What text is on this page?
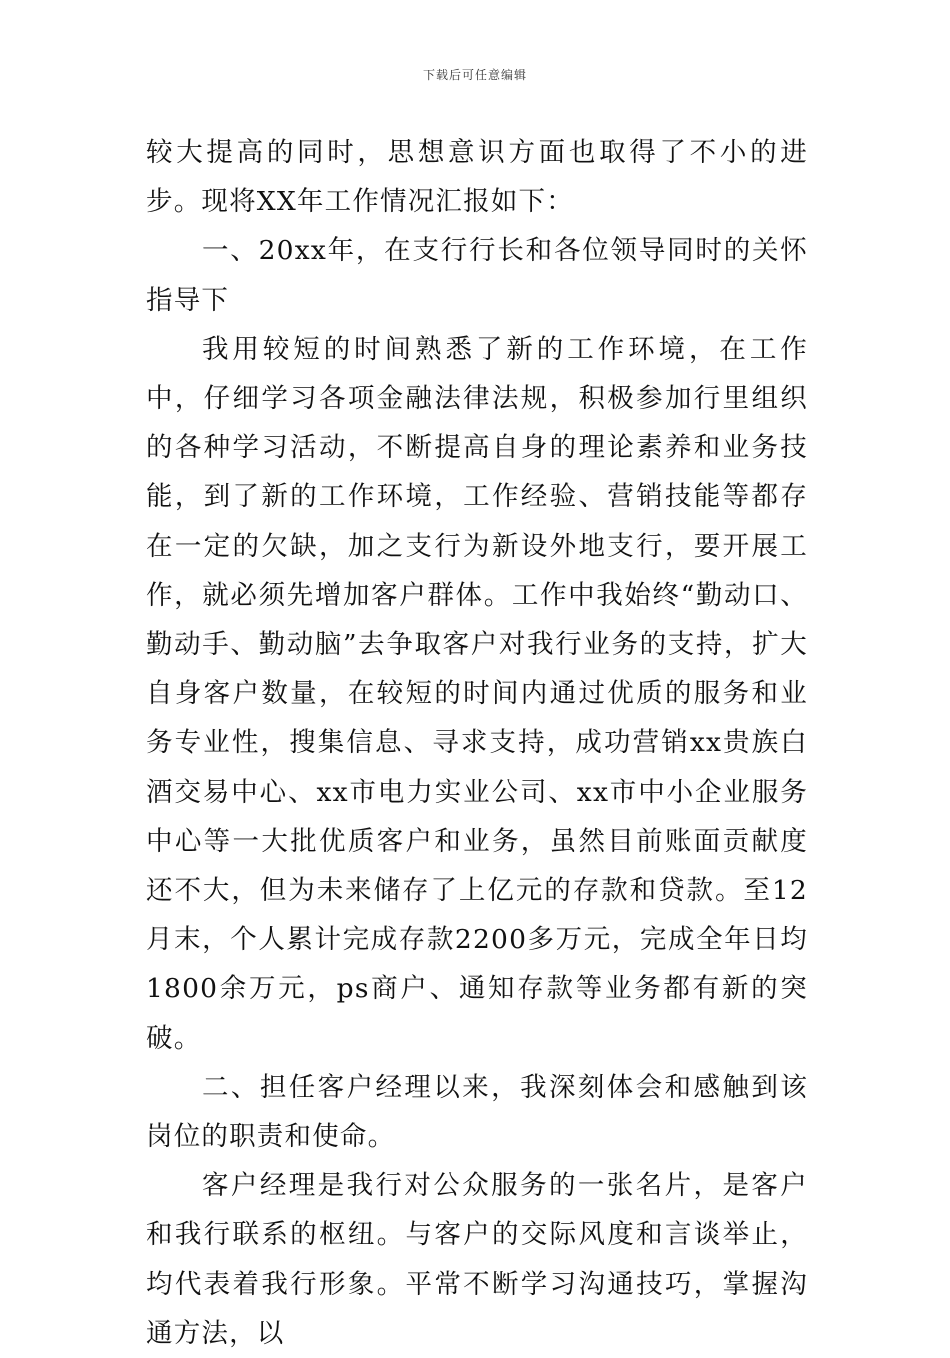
下载后可任意编辑

较大提高的同时，思想意识方面也取得了不小的进步。现将XX年工作情况汇报如下：

一、20xx年，在支行行长和各位领导同时的关怀指导下

我用较短的时间熟悉了新的工作环境，在工作中，仔细学习各项金融法律法规，积极参加行里组织的各种学习活动，不断提高自身的理论素养和业务技能，到了新的工作环境，工作经验、营销技能等都存在一定的欠缺，加之支行为新设外地支行，要开展工作，就必须先增加客户群体。工作中我始终“勤动口、勤动手、勤动脑”去争取客户对我行业务的支持，扩大自身客户数量，在较短的时间内通过优质的服务和业务专业性，搜集信息、寻求支持，成功营销xx贵族白酒交易中心、xx市电力实业公司、xx市中小企业服务中心等一大批优质客户和业务，虽然目前账面贡献度还不大，但为未来储存了上亿元的存款和贷款。至12月末，个人累计完成存款2200多万元，完成全年日均1800余万元，ps商户、通知存款等业务都有新的突破。

二、担任客户经理以来，我深刻体会和感触到该岗位的职责和使命。

客户经理是我行对公众服务的一张名片，是客户和我行联系的枢纽。与客户的交际风度和言谈举止，均代表着我行形象。平常不断学习沟通技巧，掌握沟通方法，以
